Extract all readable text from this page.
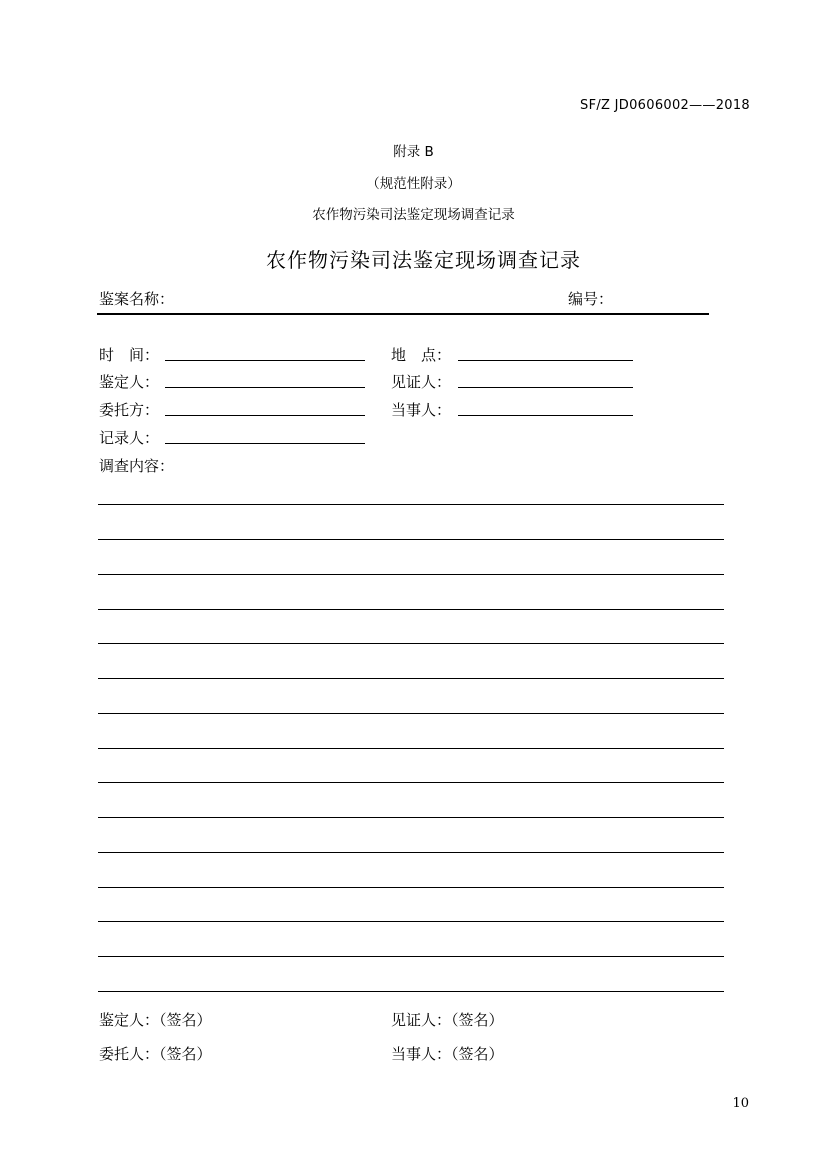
SF/Z JD0606002——2018
附录 B
（规范性附录）
农作物污染司法鉴定现场调查记录
农作物污染司法鉴定现场调查记录
鉴案名称：	编号：
时　间：	地　点：
鉴定人：	见证人：
委托方：	当事人：
记录人：
调查内容：
鉴定人：（签名）	见证人：（签名）
委托人：（签名）	当事人：（签名）
10
